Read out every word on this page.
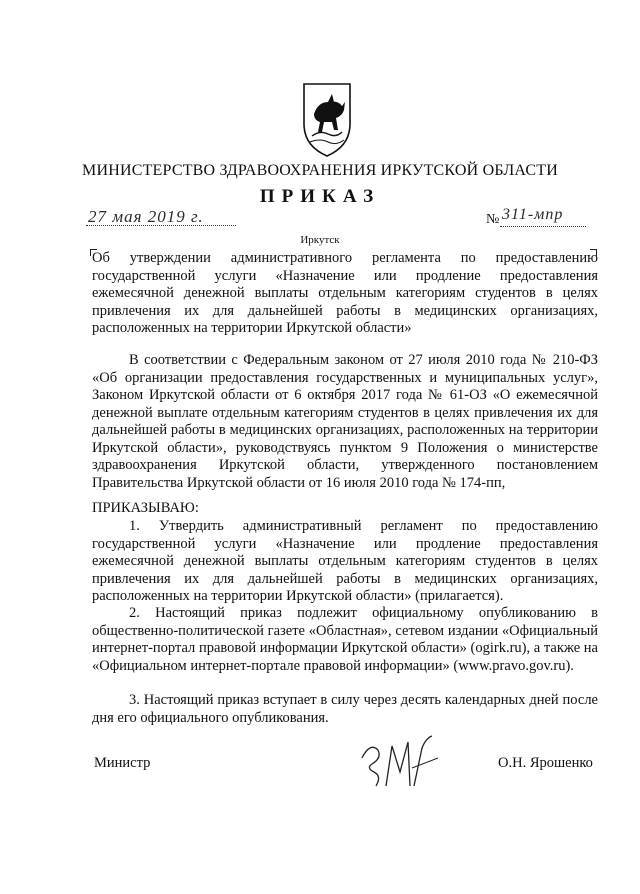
МИНИСТЕРСТВО ЗДРАВООХРАНЕНИЯ ИРКУТСКОЙ ОБЛАСТИ
ПРИКАЗ
27 мая 2019 г.	№ 311-мпр
Иркутск
Об утверждении административного регламента по предоставлению государственной услуги «Назначение или продление предоставления ежемесячной денежной выплаты отдельным категориям студентов в целях привлечения их для дальнейшей работы в медицинских организациях, расположенных на территории Иркутской области»
В соответствии с Федеральным законом от 27 июля 2010 года № 210-ФЗ «Об организации предоставления государственных и муниципальных услуг», Законом Иркутской области от 6 октября 2017 года № 61-ОЗ «О ежемесячной денежной выплате отдельным категориям студентов в целях привлечения их для дальнейшей работы в медицинских организациях, расположенных на территории Иркутской области», руководствуясь пунктом 9 Положения о министерстве здравоохранения Иркутской области, утвержденного постановлением Правительства Иркутской области от 16 июля 2010 года № 174-пп,
ПРИКАЗЫВАЮ:
1. Утвердить административный регламент по предоставлению государственной услуги «Назначение или продление предоставления ежемесячной денежной выплаты отдельным категориям студентов в целях привлечения их для дальнейшей работы в медицинских организациях, расположенных на территории Иркутской области» (прилагается).
2. Настоящий приказ подлежит официальному опубликованию в общественно-политической газете «Областная», сетевом издании «Официальный интернет-портал правовой информации Иркутской области» (ogirk.ru), а также на «Официальном интернет-портале правовой информации» (www.pravo.gov.ru).
3. Настоящий приказ вступает в силу через десять календарных дней после дня его официального опубликования.
Министр	О.Н. Ярошенко
